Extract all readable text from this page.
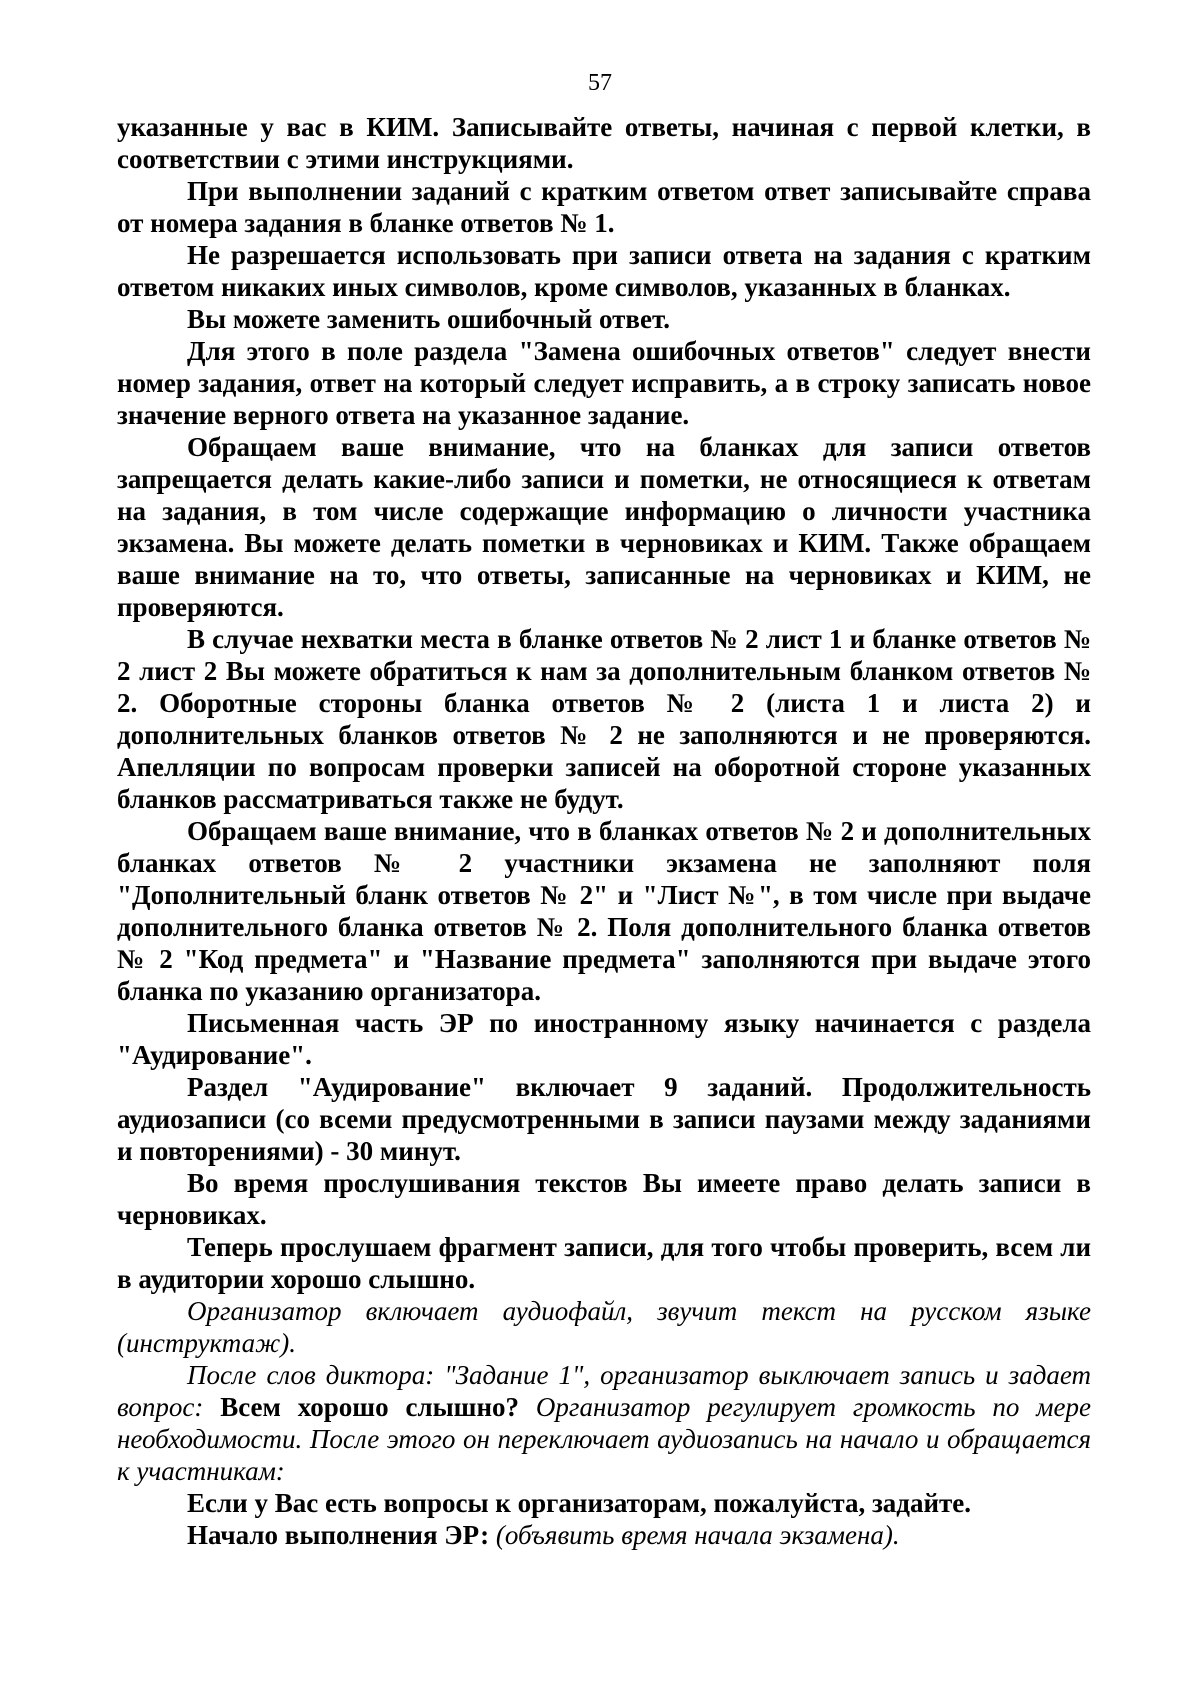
57

указанные у вас в КИМ. Записывайте ответы, начиная с первой клетки, в соответствии с этими инструкциями.

При выполнении заданий с кратким ответом ответ записывайте справа от номера задания в бланке ответов № 1.

Не разрешается использовать при записи ответа на задания с кратким ответом никаких иных символов, кроме символов, указанных в бланках.

Вы можете заменить ошибочный ответ.

Для этого в поле раздела "Замена ошибочных ответов" следует внести номер задания, ответ на который следует исправить, а в строку записать новое значение верного ответа на указанное задание.

Обращаем ваше внимание, что на бланках для записи ответов запрещается делать какие-либо записи и пометки, не относящиеся к ответам на задания, в том числе содержащие информацию о личности участника экзамена. Вы можете делать пометки в черновиках и КИМ. Также обращаем ваше внимание на то, что ответы, записанные на черновиках и КИМ, не проверяются.

В случае нехватки места в бланке ответов № 2 лист 1 и бланке ответов № 2 лист 2 Вы можете обратиться к нам за дополнительным бланком ответов № 2. Оборотные стороны бланка ответов № 2 (листа 1 и листа 2) и дополнительных бланков ответов № 2 не заполняются и не проверяются. Апелляции по вопросам проверки записей на оборотной стороне указанных бланков рассматриваться также не будут.

Обращаем ваше внимание, что в бланках ответов № 2 и дополнительных бланках ответов № 2 участники экзамена не заполняют поля "Дополнительный бланк ответов № 2" и "Лист №", в том числе при выдаче дополнительного бланка ответов № 2. Поля дополнительного бланка ответов № 2 "Код предмета" и "Название предмета" заполняются при выдаче этого бланка по указанию организатора.

Письменная часть ЭР по иностранному языку начинается с раздела "Аудирование".

Раздел "Аудирование" включает 9 заданий. Продолжительность аудиозаписи (со всеми предусмотренными в записи паузами между заданиями и повторениями) - 30 минут.

Во время прослушивания текстов Вы имеете право делать записи в черновиках.

Теперь прослушаем фрагмент записи, для того чтобы проверить, всем ли в аудитории хорошо слышно.

Организатор включает аудиофайл, звучит текст на русском языке (инструктаж).

После слов диктора: "Задание 1", организатор выключает запись и задает вопрос: Всем хорошо слышно? Организатор регулирует громкость по мере необходимости. После этого он переключает аудиозапись на начало и обращается к участникам:

Если у Вас есть вопросы к организаторам, пожалуйста, задайте.

Начало выполнения ЭР: (объявить время начала экзамена).
